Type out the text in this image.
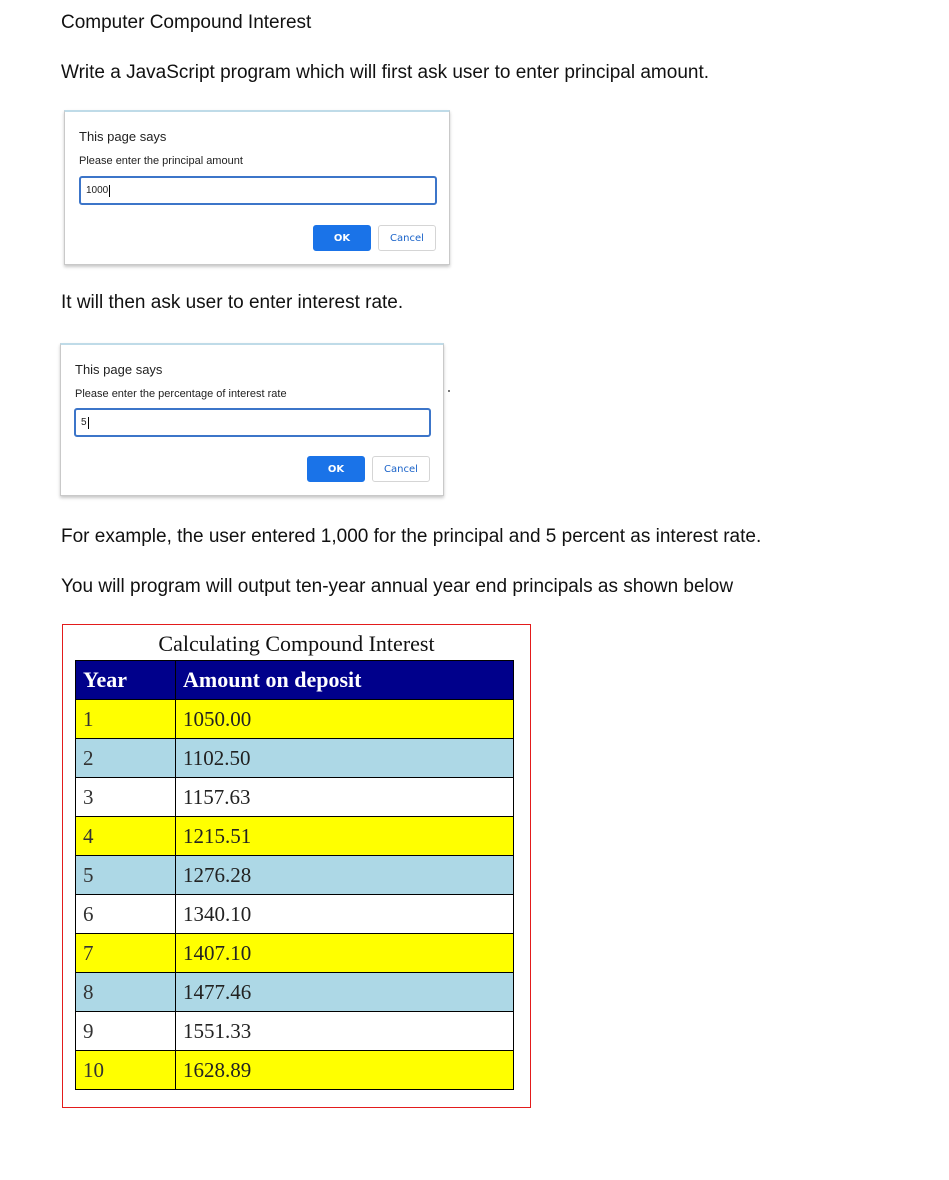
Computer Compound Interest

Write a JavaScript program which will first ask user to enter principal amount.

This page says
Please enter the principal amount
1000
OK	Cancel

It will then ask user to enter interest rate.

This page says
Please enter the percentage of interest rate
5
OK	Cancel

For example, the user entered 1,000 for the principal and 5 percent as interest rate.

You will program will output ten-year annual year end principals as shown below

Calculating Compound Interest
Year	Amount on deposit
1	1050.00
2	1102.50
3	1157.63
4	1215.51
5	1276.28
6	1340.10
7	1407.10
8	1477.46
9	1551.33
10	1628.89
